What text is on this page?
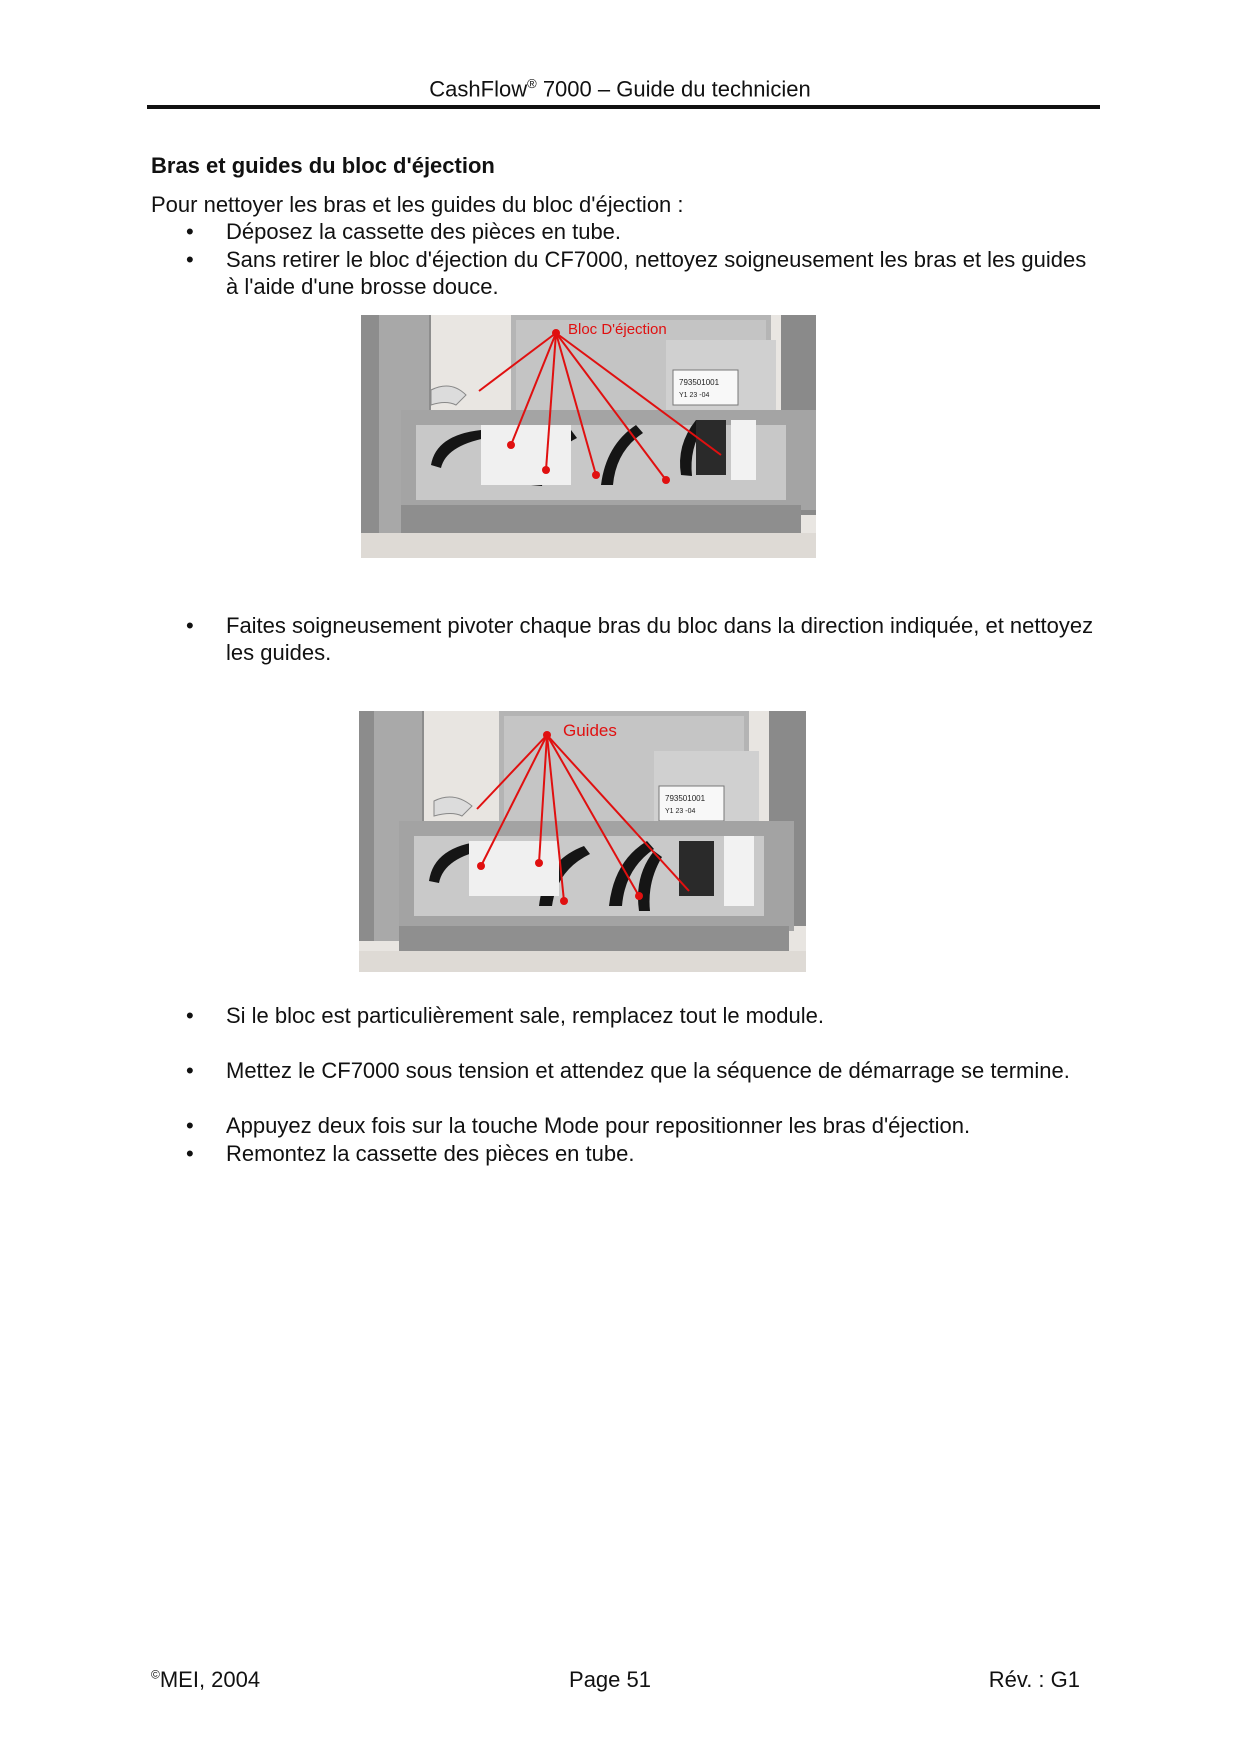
CashFlow® 7000 – Guide du technicien
Bras et guides du bloc d'éjection
Pour nettoyer les bras et les guides du bloc d'éjection :
• Déposez la cassette des pièces en tube.
• Sans retirer le bloc d'éjection du CF7000, nettoyez soigneusement les bras et les guides à l'aide d'une brosse douce.
793501001
Y1 23 -04
Bloc D'éjection
• Faites soigneusement pivoter chaque bras du bloc dans la direction indiquée, et nettoyez les guides.
793501001
Y1 23 -04
Guides
• Si le bloc est particulièrement sale, remplacez tout le module.
• Mettez le CF7000 sous tension et attendez que la séquence de démarrage se termine.
• Appuyez deux fois sur la touche Mode pour repositionner les bras d'éjection.
• Remontez la cassette des pièces en tube.
©MEI, 2004	Page 51	Rév. : G1
